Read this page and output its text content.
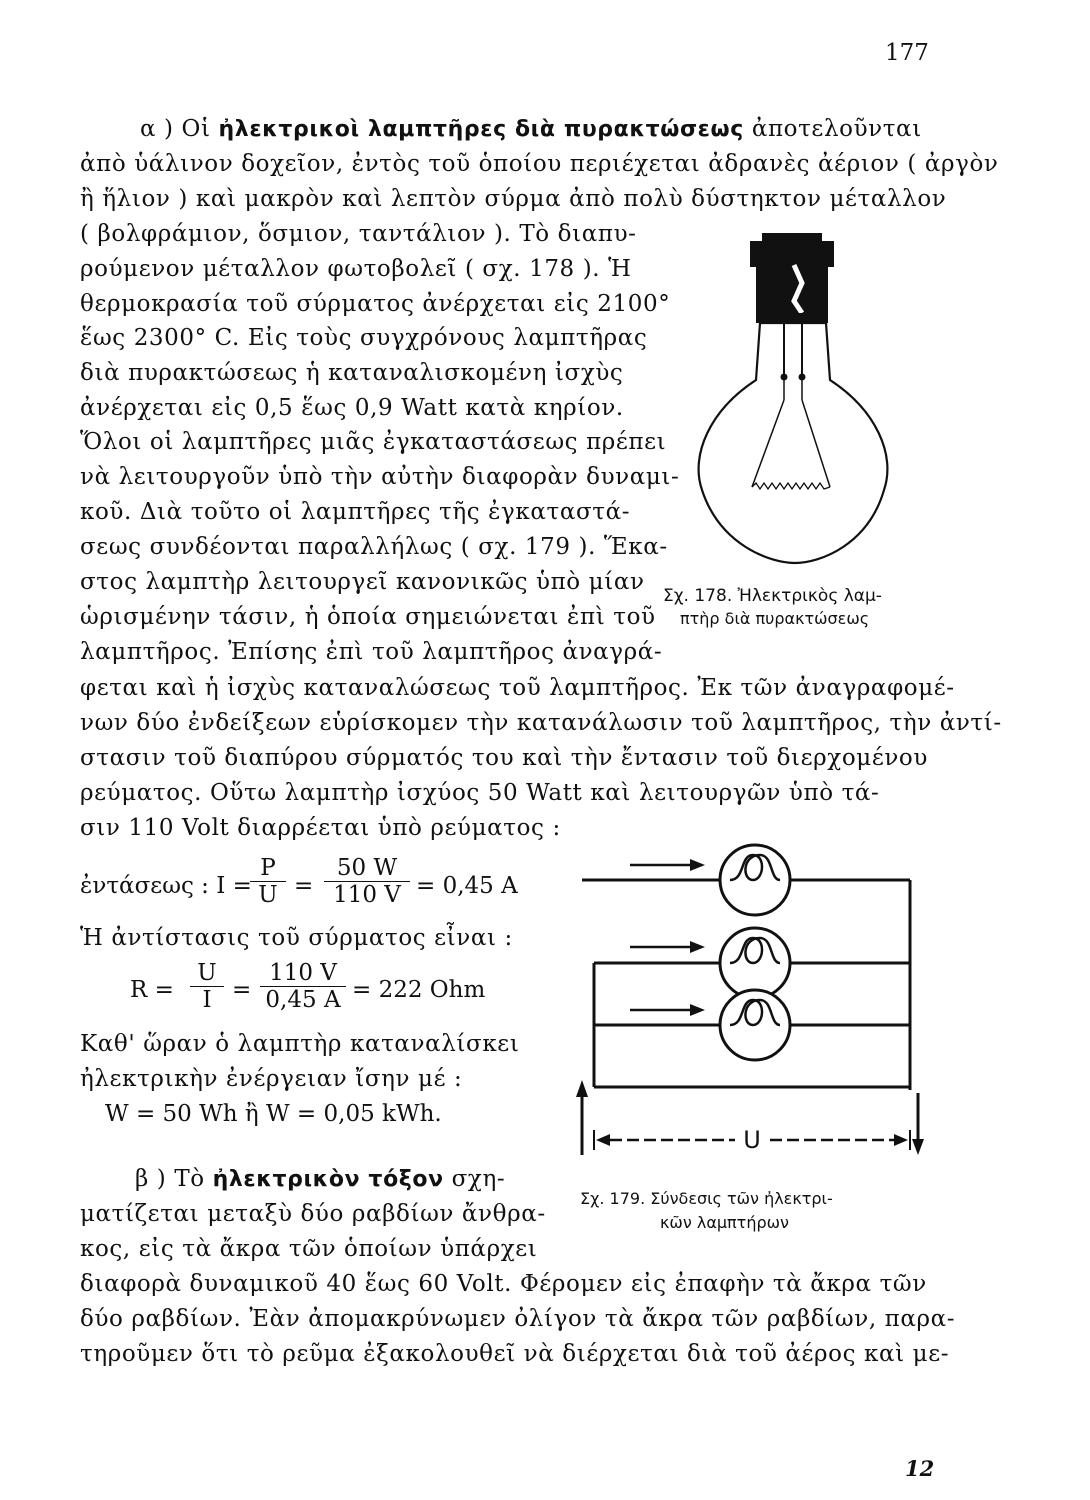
177
α ) Οἱ ἠλεκτρικοὶ λαμπτῆρες διὰ πυρακτώσεως ἀποτελοῦνται
ἀπὸ ὑάλινον δοχεῖον, ἐντὸς τοῦ ὁποίου περιέχεται ἀδρανὲς ἀέριον ( ἀργὸν
ἢ ἥλιον ) καὶ μακρὸν καὶ λεπτὸν σύρμα ἀπὸ πολὺ δύστηκτον μέταλλον
( βολφράμιον, ὅσμιον, ταντάλιον ). Τὸ διαπυ-
ρούμενον μέταλλον φωτοβολεῖ ( σχ. 178 ). Ἡ
θερμοκρασία τοῦ σύρματος ἀνέρχεται εἰς 2100°
ἕως 2300° C. Εἰς τοὺς συγχρόνους λαμπτῆρας
διὰ πυρακτώσεως ἡ καταναλισκομένη ἰσχὺς
ἀνέρχεται εἰς 0,5 ἕως 0,9 Watt κατὰ κηρίον.
Ὅλοι οἱ λαμπτῆρες μιᾶς ἐγκαταστάσεως πρέπει
νὰ λειτουργοῦν ὑπὸ τὴν αὐτὴν διαφορὰν δυναμι-
κοῦ. Διὰ τοῦτο οἱ λαμπτῆρες τῆς ἐγκαταστά-
σεως συνδέονται παραλλήλως ( σχ. 179 ). Ἕκα-
στος λαμπτὴρ λειτουργεῖ κανονικῶς ὑπὸ μίαν
ὡρισμένην τάσιν, ἡ ὁποία σημειώνεται ἐπὶ τοῦ
λαμπτῆρος. Ἐπίσης ἐπὶ τοῦ λαμπτῆρος ἀναγρά-
φεται καὶ ἡ ἰσχὺς καταναλώσεως τοῦ λαμπτῆρος. Ἐκ τῶν ἀναγραφομέ-
νων δύο ἐνδείξεων εὑρίσκομεν τὴν κατανάλωσιν τοῦ λαμπτῆρος, τὴν ἀντί-
στασιν τοῦ διαπύρου σύρματός του καὶ τὴν ἔντασιν τοῦ διερχομένου
ρεύματος. Οὕτω λαμπτὴρ ἰσχύος 50 Watt καὶ λειτουργῶν ὑπὸ τά-
σιν 110 Volt διαρρέεται ὑπὸ ρεύματος :
ἐντάσεως : I =
$\frac{P}{U} = \frac{50 W}{110 V} = 0,45$ A
Ἡ ἀντίστασις τοῦ σύρματος εἶναι :
$R = \frac{U}{I} = \frac{110 V}{0,45 A} = 222$ Ohm
Καθ' ὥραν ὁ λαμπτὴρ καταναλίσκει
ἠλεκτρικὴν ἐνέργειαν ἴσην μέ :
W = 50 Wh ἢ W = 0,05 kWh.
β ) Τὸ ἠλεκτρικὸν τόξον σχη-
ματίζεται μεταξὺ δύο ραβδίων ἄνθρα-
κος, εἰς τὰ ἄκρα τῶν ὁποίων ὑπάρχει
διαφορὰ δυναμικοῦ 40 ἕως 60 Volt. Φέρομεν εἰς ἐπαφὴν τὰ ἄκρα τῶν
δύο ραβδίων. Ἐὰν ἀπομακρύνωμεν ὀλίγον τὰ ἄκρα τῶν ραβδίων, παρα-
τηροῦμεν ὅτι τὸ ρεῦμα ἐξακολουθεῖ νὰ διέρχεται διὰ τοῦ ἀέρος καὶ με-
Σχ. 178. Ἠλεκτρικὸς λαμ-
πτὴρ διὰ πυρακτώσεως
U
Σχ. 179. Σύνδεσις τῶν ἠλεκτρι-
κῶν λαμπτήρων
12
